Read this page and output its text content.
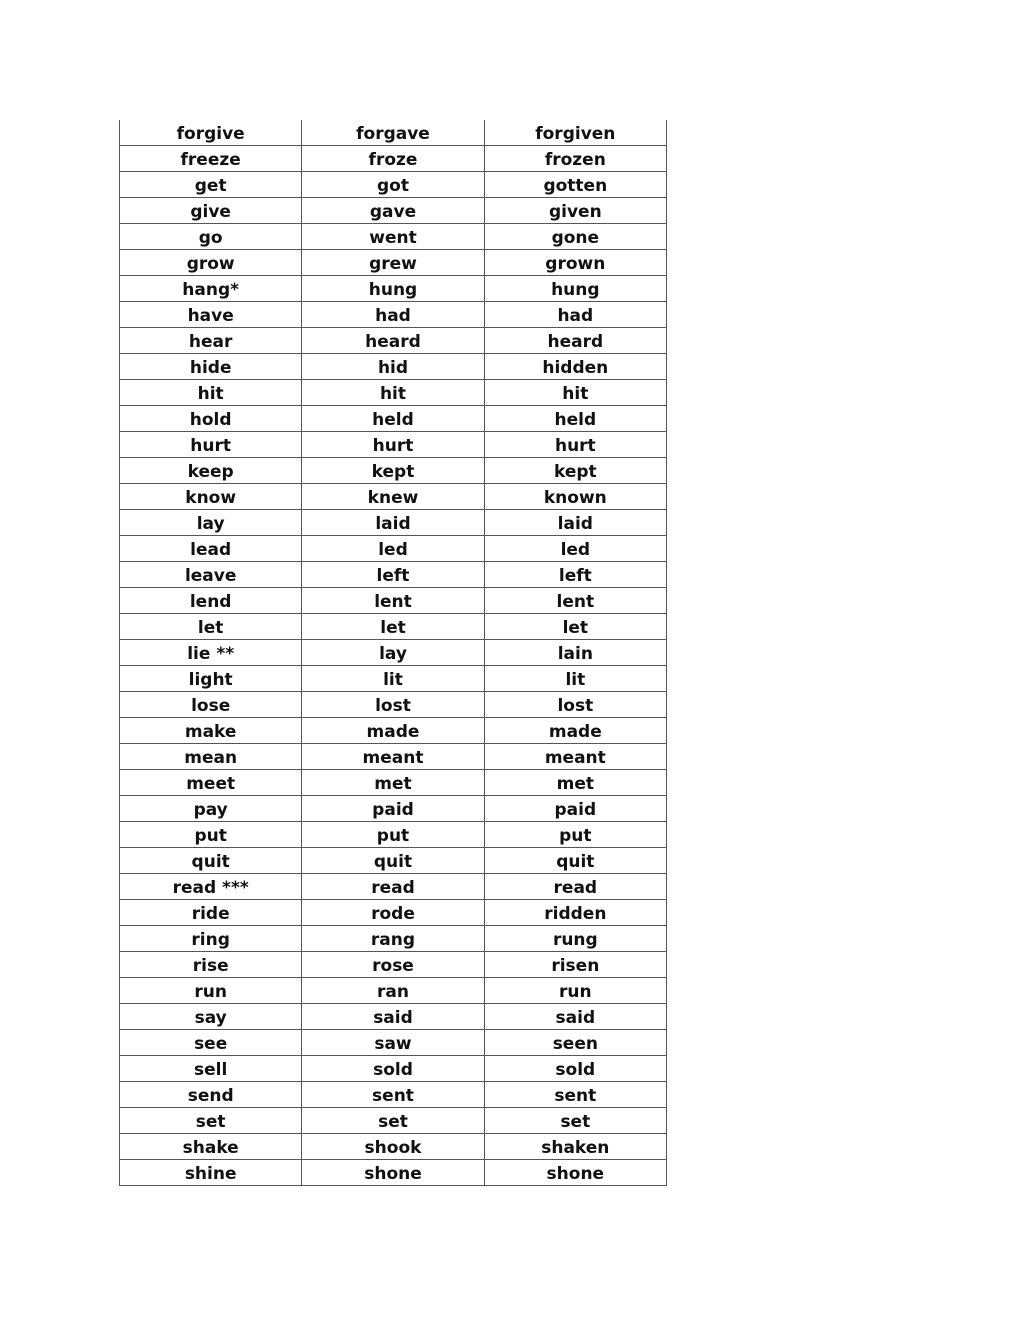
forgive	forgave	forgiven
freeze	froze	frozen
get	got	gotten
give	gave	given
go	went	gone
grow	grew	grown
hang*	hung	hung
have	had	had
hear	heard	heard
hide	hid	hidden
hit	hit	hit
hold	held	held
hurt	hurt	hurt
keep	kept	kept
know	knew	known
lay	laid	laid
lead	led	led
leave	left	left
lend	lent	lent
let	let	let
lie **	lay	lain
light	lit	lit
lose	lost	lost
make	made	made
mean	meant	meant
meet	met	met
pay	paid	paid
put	put	put
quit	quit	quit
read ***	read	read
ride	rode	ridden
ring	rang	rung
rise	rose	risen
run	ran	run
say	said	said
see	saw	seen
sell	sold	sold
send	sent	sent
set	set	set
shake	shook	shaken
shine	shone	shone
